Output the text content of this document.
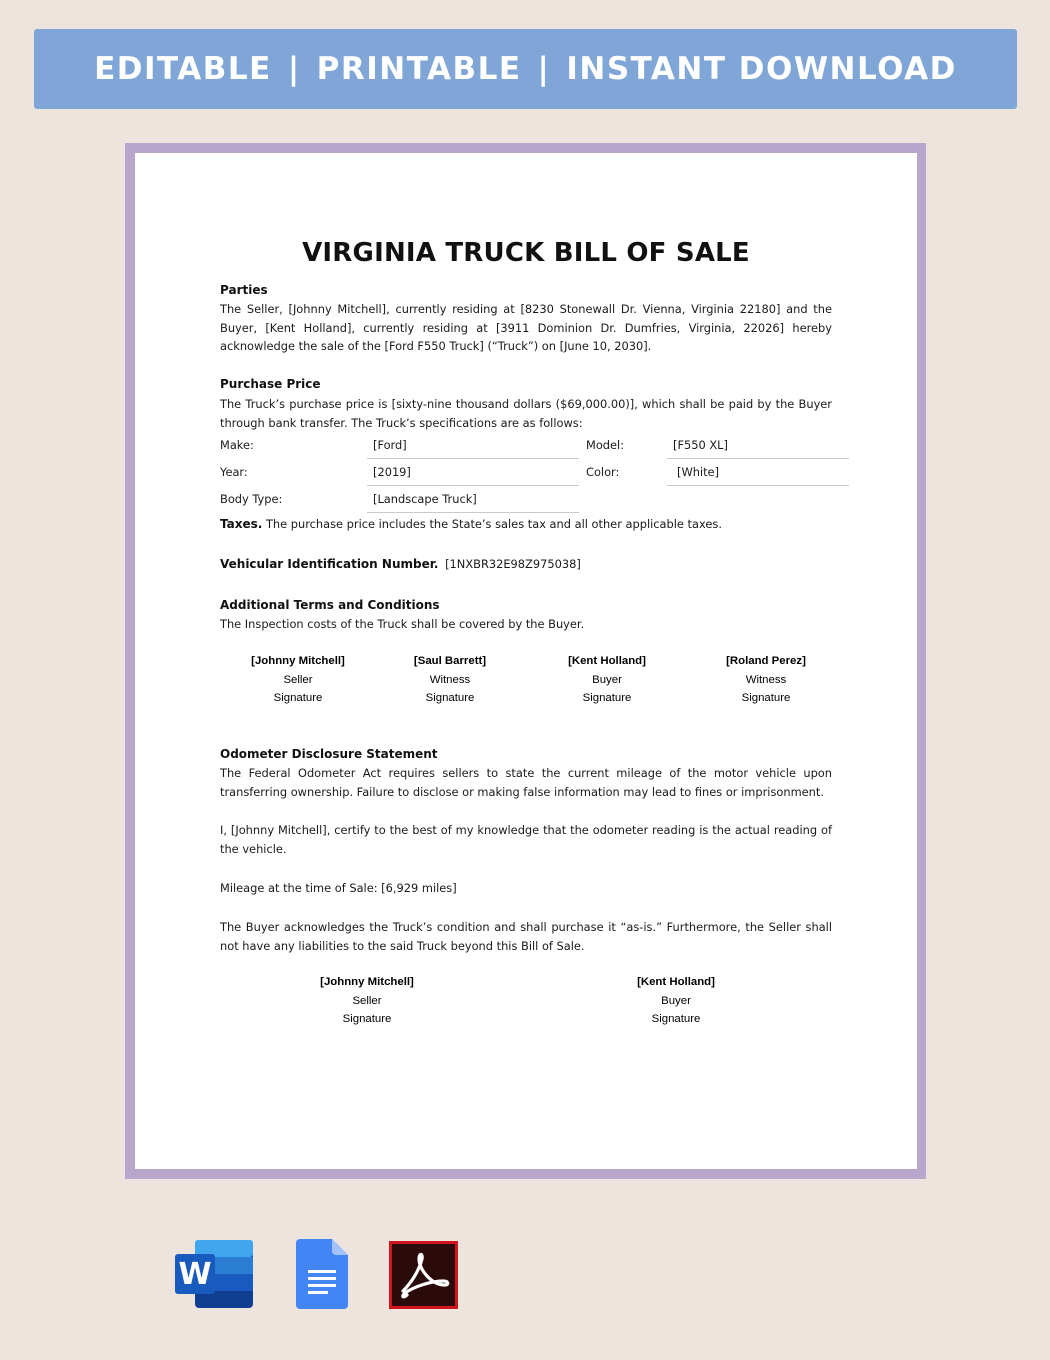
EDITABLE | PRINTABLE | INSTANT DOWNLOAD
VIRGINIA TRUCK BILL OF SALE
Parties
The Seller, [Johnny Mitchell], currently residing at [8230 Stonewall Dr. Vienna, Virginia 22180] and the Buyer, [Kent Holland], currently residing at [3911 Dominion Dr. Dumfries, Virginia, 22026] hereby acknowledge the sale of the [Ford F550 Truck] (“Truck”) on [June 10, 2030].
Purchase Price
The Truck’s purchase price is [sixty-nine thousand dollars ($69,000.00)], which shall be paid by the Buyer through bank transfer. The Truck’s specifications are as follows:
Make:	[Ford]	Model:	[F550 XL]
Year:	[2019]	Color:	[White]
Body Type:	[Landscape Truck]
Taxes. The purchase price includes the State’s sales tax and all other applicable taxes.
Vehicular Identification Number. [1NXBR32E98Z975038]
Additional Terms and Conditions
The Inspection costs of the Truck shall be covered by the Buyer.
[Johnny Mitchell]
Seller
Signature
[Saul Barrett]
Witness
Signature
[Kent Holland]
Buyer
Signature
[Roland Perez]
Witness
Signature
Odometer Disclosure Statement
The Federal Odometer Act requires sellers to state the current mileage of the motor vehicle upon transferring ownership. Failure to disclose or making false information may lead to fines or imprisonment.
I, [Johnny Mitchell], certify to the best of my knowledge that the odometer reading is the actual reading of the vehicle.
Mileage at the time of Sale: [6,929 miles]
The Buyer acknowledges the Truck’s condition and shall purchase it “as-is.” Furthermore, the Seller shall not have any liabilities to the said Truck beyond this Bill of Sale.
[Johnny Mitchell]
Seller
Signature
[Kent Holland]
Buyer
Signature
W
